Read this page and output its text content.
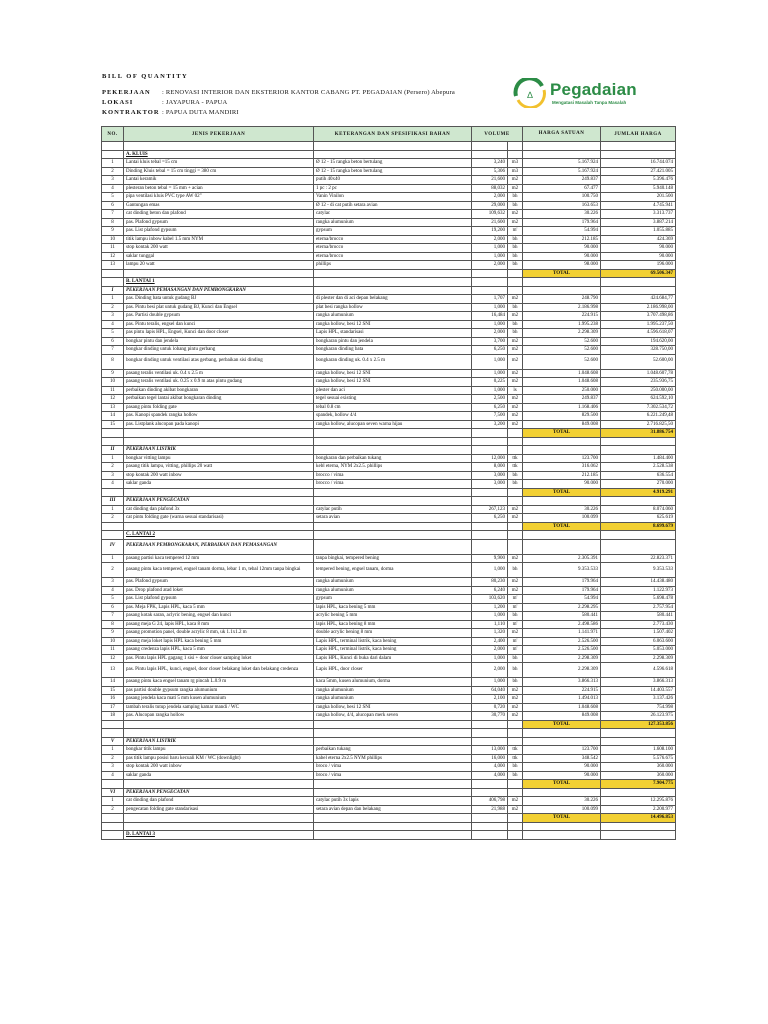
BILL OF QUANTITY
PEKERJAAN	: RENOVASI INTERIOR DAN EKSTERIOR KANTOR CABANG PT. PEGADAIAN (Persero) Abepura
LOKASI	: JAYAPURA - PAPUA
KONTRAKTOR : PAPUA DUTA MANDIRI
∆ Pegadaian
Mengatasi Masalah Tanpa Masalah
NO.	JENIS PEKERJAAN	KETERANGAN DAN SPESIFIKASI BAHAN	VOLUME		HARGA SATUAN	JUMLAH HARGA

	A. KLUIS					
1	Lantai kluis tebal =15 cm	Ø 12 - 15 rangka beton bertulang	3,240	m3	5.167.924	16.744.074
2	Dinding Kluis tebal = 15 cm tinggi = 380 cm	Ø 12 - 15 rangka beton bertulang	5,306	m3	5.167.924	27.421.005
3	Lantai keramik	putih 40x40	21,600	m2	249.837	5.396.476
4	plesteran beton tebal = 15 mm + acian	1 pc : 2 pc	88,032	m2	67.477	5.940.148
5	pipa ventilasi kluis PVC type AW 02"	Vanin Vinilon	2,000	bh	100.750	201.500
6	Gantungan emas	Ø 12 - di cat putih setara avian	29,000	bh	163.653	4.745.941
7	cat dinding beton dan plafond	catylac	109,632	m2	30.226	3.313.737
8	pas. Plafond gypsum	rangka alumunium	21,600	m2	179.964	3.887.214
9	pas. List plafond gypsum	gypsum	19,200	m'	54.994	1.055.885
10	titik lampu inbow kabel 1.5 mm NYM	eterna/brocco	2,000	bh	212.185	424.369
11	stop kontak 200 watt	eterna/brocco	1,000	bh	90.000	90.000
12	saklar tunggal	eterna/brocco	1,000	bh	90.000	90.000
13	lampu 20 watt	phillips	2,000	bh	98.000	196.000
					TOTAL	69.506.347
	B. LANTAI 1					
I	PEKERJAAN PEMASANGAN DAN PEMBONGKARAN					
1	pas. Dinding bata untuk gudang BJ	di plester dan di aci depan belakang	1,707	m2	248.790	424.684,77
2	pas. Pintu besi plat untuk gudang BJ, Kunci dan Engsel	plat besi rangka hollow	1,000	bh	2.186.998	2.186.998,00
3	pas. Partisi double gypsum	rangka alumunium	16,484	m2	224.915	3.707.498,86
4	pas. Pintu teralis, engsel dan kunci	rangka hollow, besi 12 SNI	1,000	bh	1.995.238	1.995.237,50
5	pas pintu lapis HPL, Engsel, Kunci dan door closer	Lapis HPL, standarisasi	2,000	bh	2.298.309	4.596.618,07
6	bongkar pintu dan jendela	bongkaran pintu dan jendela	3,700	m2	52.600	194.620,00
7	bongkar dinding untuk lobang pintu gerbang	bongkaran dinding bata	6,250	m2	52.600	328.750,00
8	bongkar dinding untuk ventilasi atas gerbang, perbaikan sisi dinding	bongkaran dinding uk. 0.4 x 2.5 m	1,000	m2	52.600	52.600,00
9	pasang teralis ventilasi uk. 0.4 x 2.5 m	rangka hollow, besi 12 SNI	1,000	m2	1.048.608	1.048.607,78
10	pasang teralis ventilasi uk. 0.25 x 0.9 m atas pintu gudang	rangka hollow, besi 12 SNI	0,225	m2	1.048.608	235.936,75
11	perbaikan dinding akibat bongkaran	plester dan aci	1,000	ls	250.000	250.000,00
12	perbaikan tegel lantai akibat bongkaran dinding	tegel sesuai existing	2,500	m2	249.837	624.592,10
13	pasang pintu folding gate	tebal 0.8 cm	6,250	m2	1.168.406	7.302.534,72
14	pas. Kanopi spandek rangka hollow	spandek, hollow 4/4	7,500	m2	829.500	6.221.249,48
15	pas. Listplank alucopan pada kanopi	rangka hollow, alucopan seven warna hijau	3,200	m2	849.008	2.716.825,50
					TOTAL	31.886.754

II	PEKERJAAN LISTRIK					
1	bongkar vitting lampu	bongkaran dan perbaikan tukang	12,000	ttk	123.700	1.484.400
2	pasang titik lampu, vitting, phillips 20 watt	kebl eterna, NYM 2x2.5. phillips	8,000	ttk	316.062	2.528.538
3	stop kontak 200 watt inbow	brocco / vima	3,000	bh	212.185	636.554
4	saklar ganda	brocco / vima	3,000	bh	90.000	270.000
					TOTAL	4.919.291
III	PEKERJAAN PENGECATAN					
1	cat dinding dan plafond 3x	catylac putih	267,123	m2	30.226	8.074.060
2	cat pintu folding gate (warna sesuai standarisasi)	setara avian	6,250	m2	100.099	625.619
					TOTAL	8.699.679
	C. LANTAI 2					
IV	PEKERJAAN PEMBONGKARAN, PERBAIKAN DAN PEMASANGAN					
1	pasang partisi kaca tempered 12 mm	tanpa bingkai, tempered bening	9,900	m2	2.305.391	22.823.371
2	pasang pintu kaca tempered, engsel tanam dorma, lebar 1 m, tebal 12mm tanpa bingkai	tempered bening, engsel tanam, dorma	1,000	bh	9.353.533	9.353.533
3	pas. Plafond gypsum	rangka alumunium	80,230	m2	179.964	14.438.480
4	pas. Drop plafond atad loket	rangka alumunium	6,240	m2	179.964	1.122.973
5	pas. List plafond gypsum	gypsum	103,620	m'	54.994	5.698.478
6	pas. Meja FPK, Lapis HPL, kaca 5 mm	lapis HPL, kaca bening 5 mm	1,200	m'	2.298.295	2.757.954
7	pasang kotak saran, aclyric bening, engsel dan kunci	acrylic bening 5 mm	1,000	bh	580.441	580.441
8	pasang meja G 24, lapis HPL, kaca 8 mm	lapis HPL, kaca bening 8 mm	1,110	m'	2.498.586	2.773.430
9	pasang promotion panel, double acrylic 8 mm, uk 1.1x1.2 m	double acrylic bening 8 mm	1,320	m2	1.141.971	1.507.402
10	pasang meja loket lapis HPL kaca bening 5 mm	Lapis HPL, terminal listrik, kaca bening	2,400	m'	2.526.500	6.063.600
11	pasang credenza lapis HPL, kaca 5 mm	Lapis HPL, terminal listrik, kaca bening	2,000	m'	2.526.500	5.053.000
12	pas. Pintu lapis HPL gagang 1 sisi + door closer samping loket	Lapis HPL, Kunci di buka dari dalam	1,000	bh	2.298.309	2.298.309
13	pas. Pintu lapis HPL, kunci, engsel, door closer belakang loket dan belakang credenza	Lapis HPL, door closer	2,000	bh	2.298.309	4.596.618
14	pasang pintu kaca engsel tanam rg pincah L.0.9 m	kaca 5mm, kusen alumunium, dorma	1,000	bh	3.866.313	3.866.313
15	pas partisi double gypsum rangka alumunium	rangka alumunium	64,040	m2	224.915	14.403.557
16	pasang jendela kaca mati 5 mm kusen alumunium	rangka alumunium	2,100	m2	1.494.013	3.137.426
17	tambah teralis tutup jendela samping kamar mandi / WC	rangka hollow, besi 12 SNI	0,720	m2	1.048.608	754.998
18	pas. Alucopan rangka hollow	rangka hollow, 4/4, alucopan merk seven	30,770	m2	849.008	26.123.975
					TOTAL	127.353.856

V	PEKERJAAN LISTRIK					
1	bongkar titik lampu	perbaikan tukang	13,000	ttk	123.700	1.608.100
2	pas titik lampu posisi baru kecuali KM / WC (downlight)	kabel eterna 2x2.5 NYM phillips	16,000	ttk	348.542	5.576.675
3	stop kontak 200 watt inbow	broco / vima	4,000	bh	90.000	360.000
4	saklar ganda	broco / vima	4,000	bh	90.000	360.000
					TOTAL	7.904.775
VI	PEKERJAAN PENGECATAN					
1	cat dinding dan plafond	catylac putih 3x lapis	406,798	m2	30.226	12.295.876
2	pengecatan folding gate standarisasi	setara avian depan dan belakang	21,988	m2	100.099	2.200.977
					TOTAL	14.496.853

	D. LANTAI 3					
